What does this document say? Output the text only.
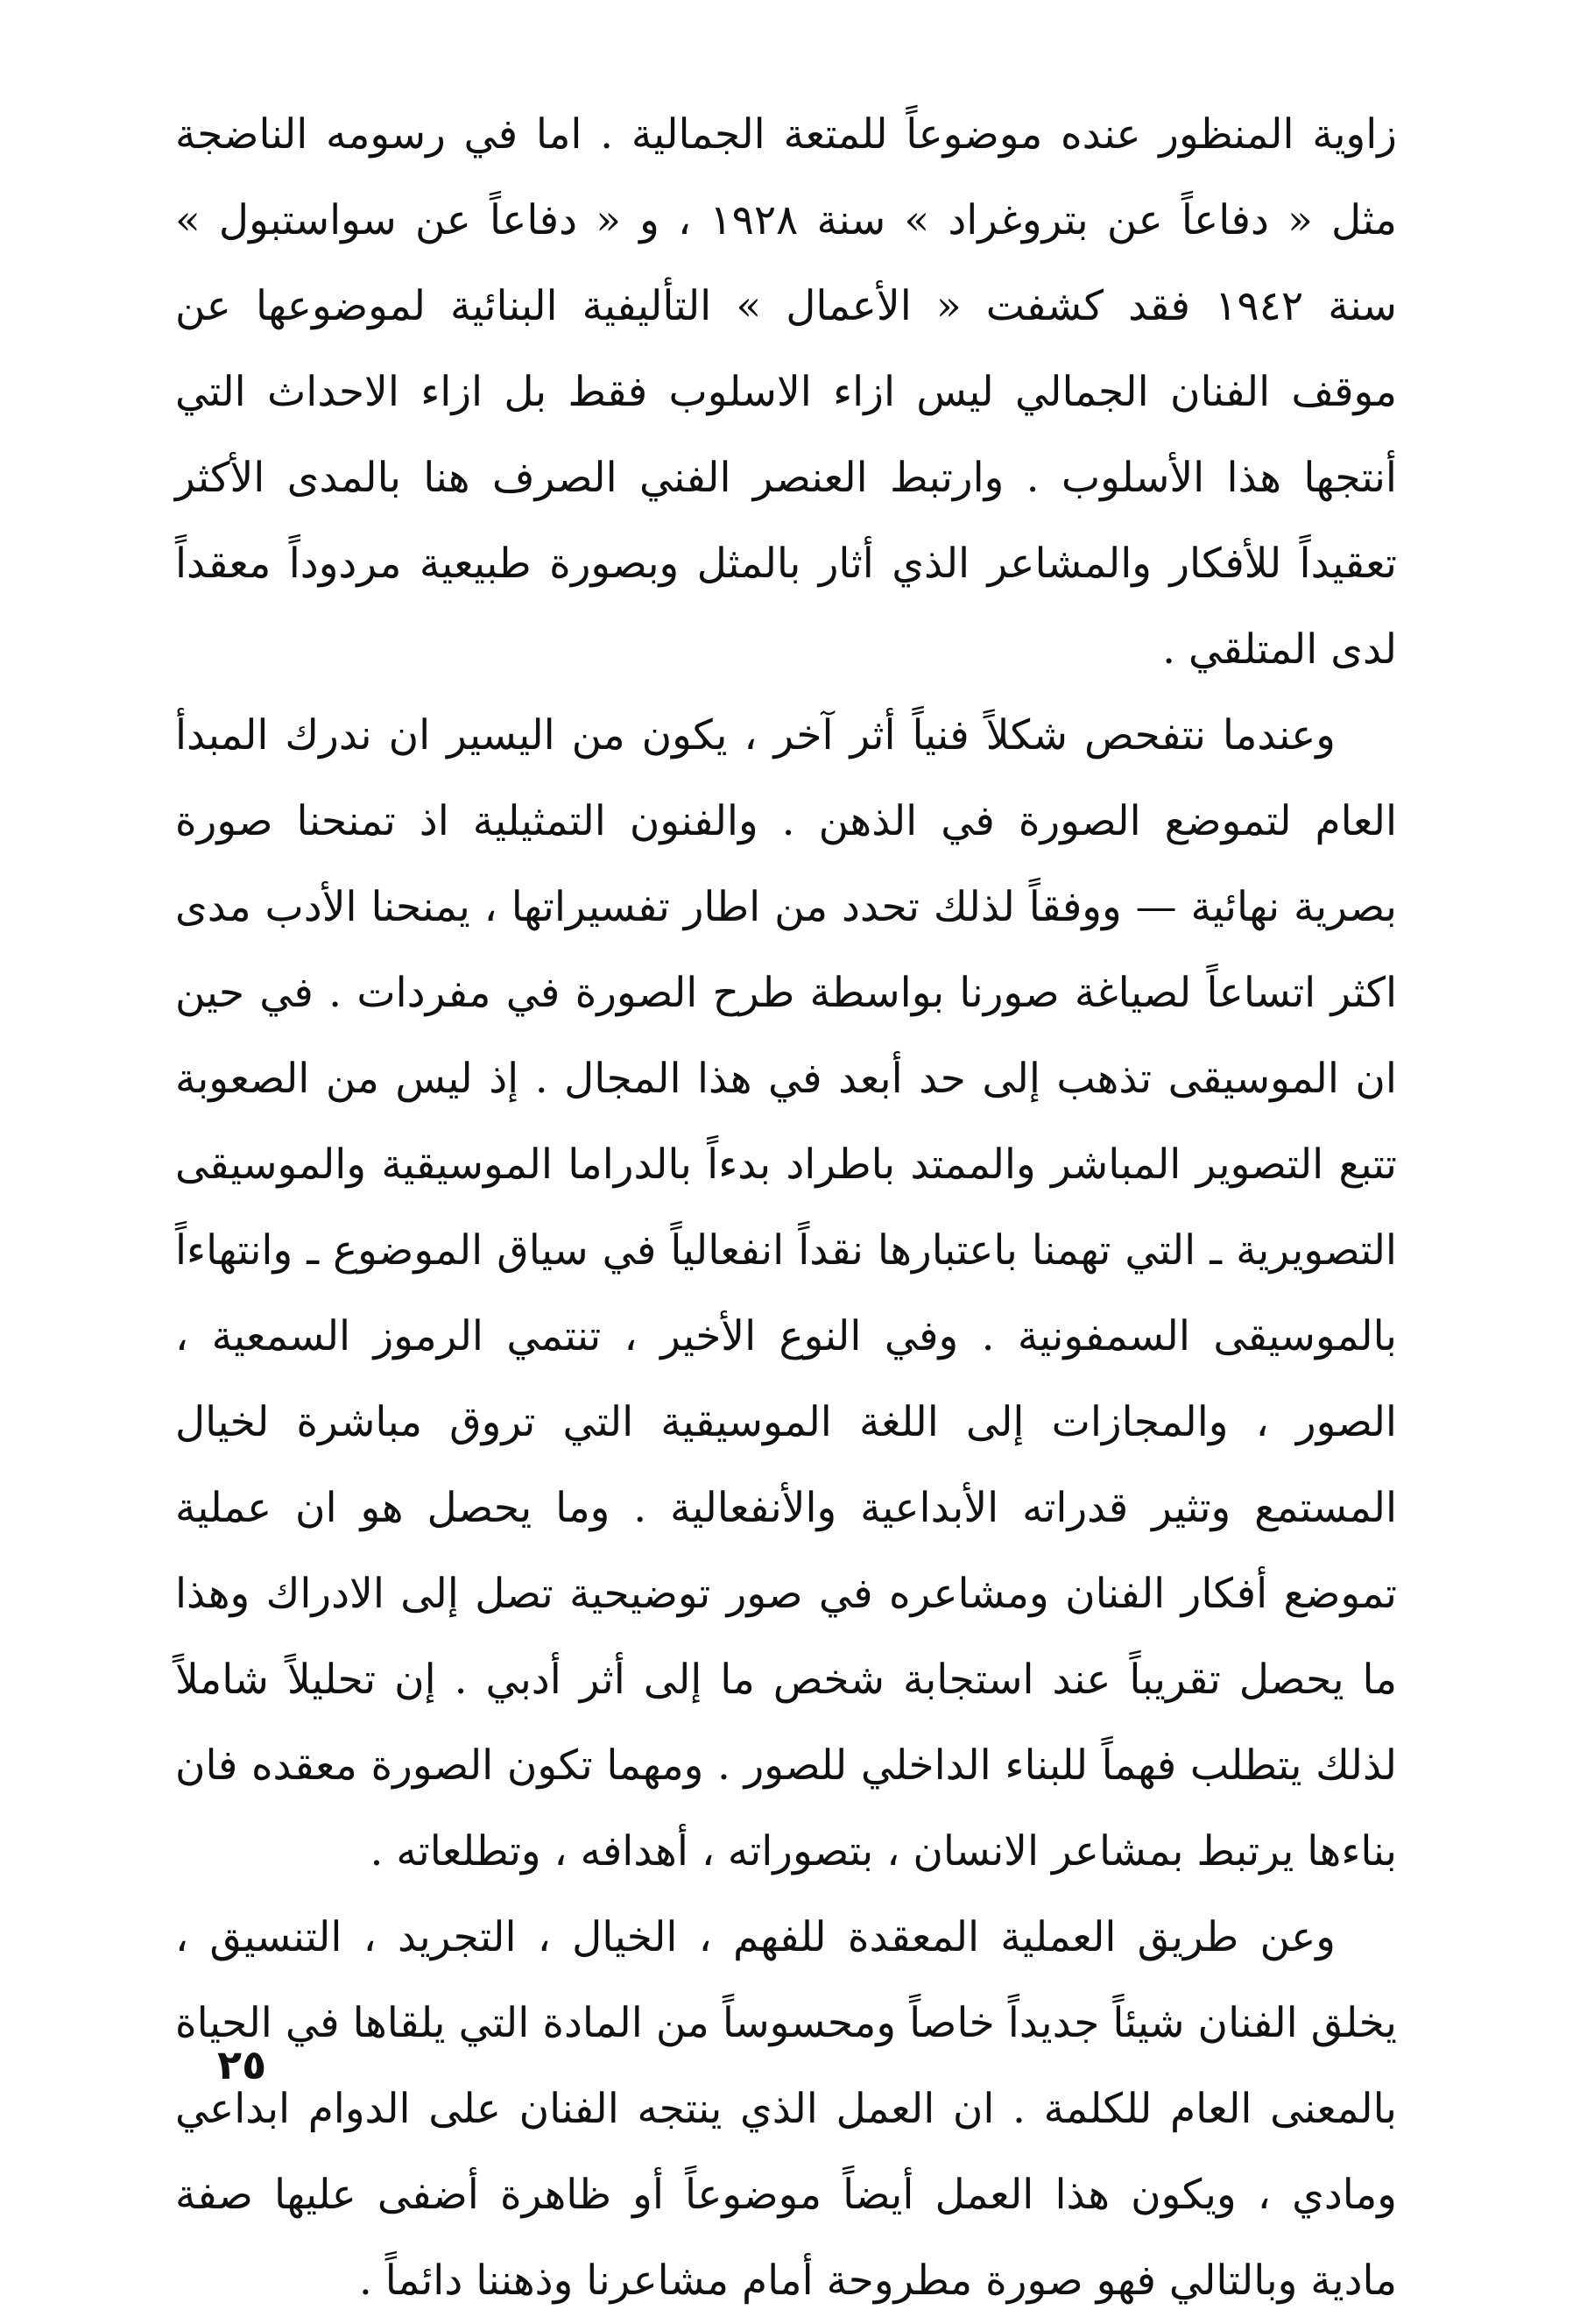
زاوية المنظور عنده موضوعاً للمتعة الجمالية . اما في رسومه الناضجة مثل « دفاعاً عن بتروغراد » سنة ١٩٢٨ ، و « دفاعاً عن سواستبول » سنة ١٩٤٢ فقد كشفت « الأعمال » التأليفية البنائية لموضوعها عن موقف الفنان الجمالي ليس ازاء الاسلوب فقط بل ازاء الاحداث التي أنتجها هذا الأسلوب . وارتبط العنصر الفني الصرف هنا بالمدى الأكثر تعقيداً للأفكار والمشاعر الذي أثار بالمثل وبصورة طبيعية مردوداً معقداً لدى المتلقي .

وعندما نتفحص شكلاً فنياً أثر آخر ، يكون من اليسير ان ندرك المبدأ العام لتموضع الصورة في الذهن . والفنون التمثيلية اذ تمنحنا صورة بصرية نهائية — ووفقاً لذلك تحدد من اطار تفسيراتها ، يمنحنا الأدب مدى اكثر اتساعاً لصياغة صورنا بواسطة طرح الصورة في مفردات . في حين ان الموسيقى تذهب إلى حد أبعد في هذا المجال . إذ ليس من الصعوبة تتبع التصوير المباشر والممتد باطراد بدءاً بالدراما الموسيقية والموسيقى التصويرية ـ التي تهمنا باعتبارها نقداً انفعالياً في سياق الموضوع ـ وانتهاءاً بالموسيقى السمفونية . وفي النوع الأخير ، تنتمي الرموز السمعية ، الصور ، والمجازات إلى اللغة الموسيقية التي تروق مباشرة لخيال المستمع وتثير قدراته الأبداعية والأنفعالية . وما يحصل هو ان عملية تموضع أفكار الفنان ومشاعره في صور توضيحية تصل إلى الادراك وهذا ما يحصل تقريباً عند استجابة شخص ما إلى أثر أدبي . إن تحليلاً شاملاً لذلك يتطلب فهماً للبناء الداخلي للصور . ومهما تكون الصورة معقده فان بناءها يرتبط بمشاعر الانسان ، بتصوراته ، أهدافه ، وتطلعاته .

وعن طريق العملية المعقدة للفهم ، الخيال ، التجريد ، التنسيق ، يخلق الفنان شيئاً جديداً خاصاً ومحسوساً من المادة التي يلقاها في الحياة بالمعنى العام للكلمة . ان العمل الذي ينتجه الفنان على الدوام ابداعي ومادي ، ويكون هذا العمل أيضاً موضوعاً أو ظاهرة أضفى عليها صفة مادية وبالتالي فهو صورة مطروحة أمام مشاعرنا وذهننا دائماً .

٢٥
